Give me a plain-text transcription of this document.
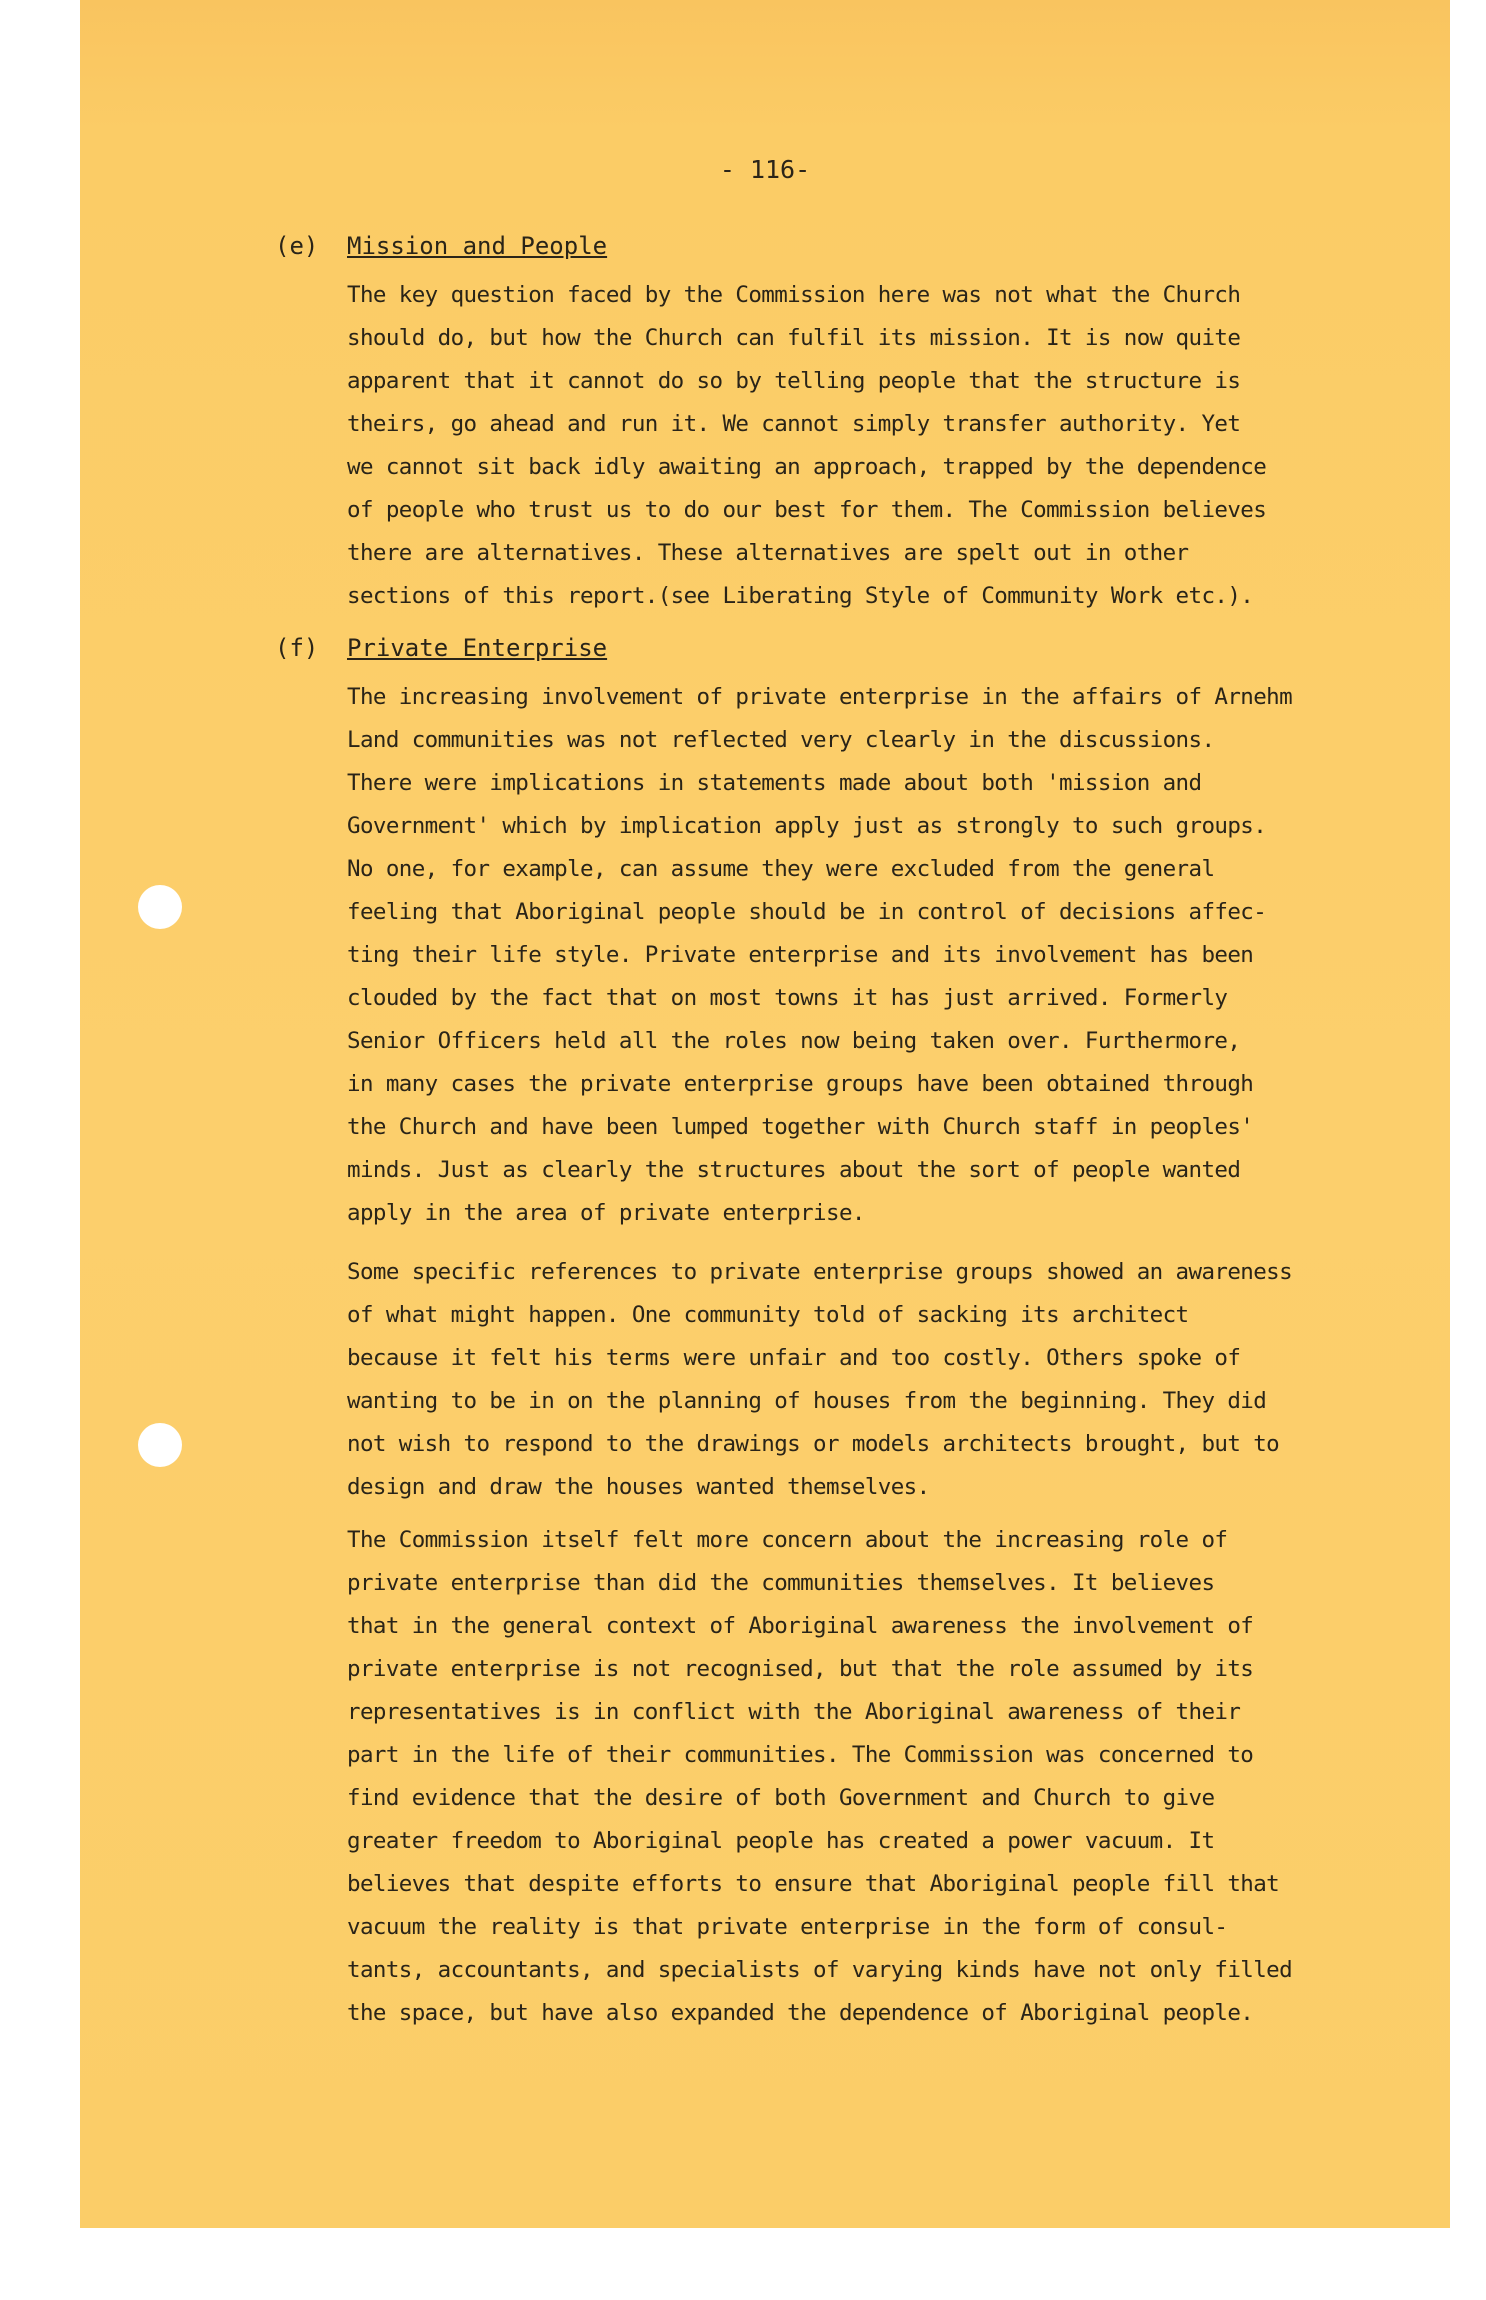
- 116-
(e) Mission and People
The key question faced by the Commission here was not what the Church
should do, but how the Church can fulfil its mission. It is now quite
apparent that it cannot do so by telling people that the structure is
theirs, go ahead and run it. We cannot simply transfer authority. Yet
we cannot sit back idly awaiting an approach, trapped by the dependence
of people who trust us to do our best for them. The Commission believes
there are alternatives. These alternatives are spelt out in other
sections of this report.(see Liberating Style of Community Work etc.).
(f) Private Enterprise
The increasing involvement of private enterprise in the affairs of Arnehm
Land communities was not reflected very clearly in the discussions.
There were implications in statements made about both 'mission and
Government' which by implication apply just as strongly to such groups.
No one, for example, can assume they were excluded from the general
feeling that Aboriginal people should be in control of decisions affec-
ting their life style. Private enterprise and its involvement has been
clouded by the fact that on most towns it has just arrived. Formerly
Senior Officers held all the roles now being taken over. Furthermore,
in many cases the private enterprise groups have been obtained through
the Church and have been lumped together with Church staff in peoples'
minds. Just as clearly the structures about the sort of people wanted
apply in the area of private enterprise.
Some specific references to private enterprise groups showed an awareness
of what might happen. One community told of sacking its architect
because it felt his terms were unfair and too costly. Others spoke of
wanting to be in on the planning of houses from the beginning. They did
not wish to respond to the drawings or models architects brought, but to
design and draw the houses wanted themselves.
The Commission itself felt more concern about the increasing role of
private enterprise than did the communities themselves. It believes
that in the general context of Aboriginal awareness the involvement of
private enterprise is not recognised, but that the role assumed by its
representatives is in conflict with the Aboriginal awareness of their
part in the life of their communities. The Commission was concerned to
find evidence that the desire of both Government and Church to give
greater freedom to Aboriginal people has created a power vacuum. It
believes that despite efforts to ensure that Aboriginal people fill that
vacuum the reality is that private enterprise in the form of consul-
tants, accountants, and specialists of varying kinds have not only filled
the space, but have also expanded the dependence of Aboriginal people.
